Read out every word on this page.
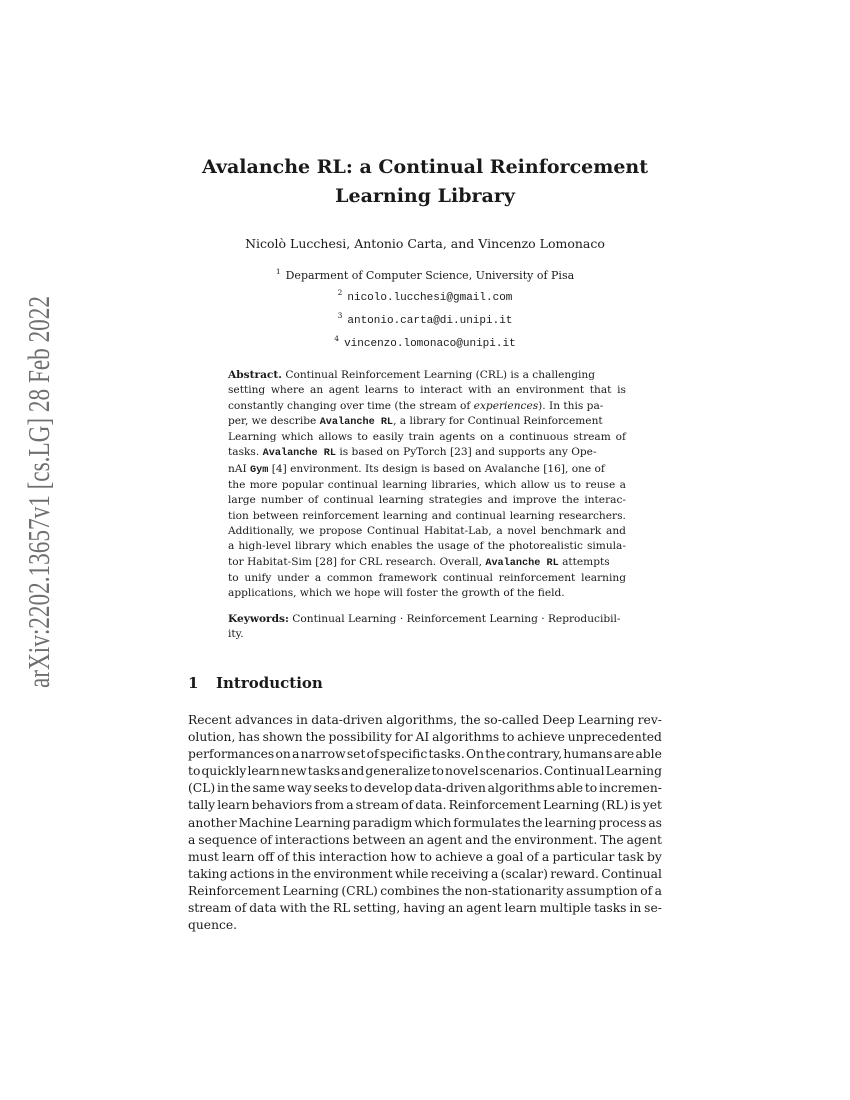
arXiv:2202.13657v1 [cs.LG] 28 Feb 2022	Avalanche RL: a Continual Reinforcement
Learning Library
Nicolò Lucchesi, Antonio Carta, and Vincenzo Lomonaco
$^1$ Deparment of Computer Science, University of Pisa
$^2$ nicolo.lucchesi@gmail.com
$^3$ antonio.carta@di.unipi.it
$^4$ vincenzo.lomonaco@unipi.it
Abstract. Continual Reinforcement Learning (CRL) is a challenging
setting where an agent learns to interact with an environment that is
constantly changing over time (the stream of experiences). In this pa-
per, we describe Avalanche RL, a library for Continual Reinforcement
Learning which allows to easily train agents on a continuous stream of
tasks. Avalanche RL is based on PyTorch [23] and supports any Ope-
nAI Gym [4] environment. Its design is based on Avalanche [16], one of
the more popular continual learning libraries, which allow us to reuse a
large number of continual learning strategies and improve the interac-
tion between reinforcement learning and continual learning researchers.
Additionally, we propose Continual Habitat-Lab, a novel benchmark and
a high-level library which enables the usage of the photorealistic simula-
tor Habitat-Sim [28] for CRL research. Overall, Avalanche RL attempts
to unify under a common framework continual reinforcement learning
applications, which we hope will foster the growth of the field.
Keywords: Continual Learning · Reinforcement Learning · Reproducibil-
ity.
1 Introduction
Recent advances in data-driven algorithms, the so-called Deep Learning rev-
olution, has shown the possibility for AI algorithms to achieve unprecedented
performances on a narrow set of specific tasks. On the contrary, humans are able
to quickly learn new tasks and generalize to novel scenarios. Continual Learning
(CL) in the same way seeks to develop data-driven algorithms able to incremen-
tally learn behaviors from a stream of data. Reinforcement Learning (RL) is yet
another Machine Learning paradigm which formulates the learning process as
a sequence of interactions between an agent and the environment. The agent
must learn off of this interaction how to achieve a goal of a particular task by
taking actions in the environment while receiving a (scalar) reward. Continual
Reinforcement Learning (CRL) combines the non-stationarity assumption of a
stream of data with the RL setting, having an agent learn multiple tasks in se-
quence.
